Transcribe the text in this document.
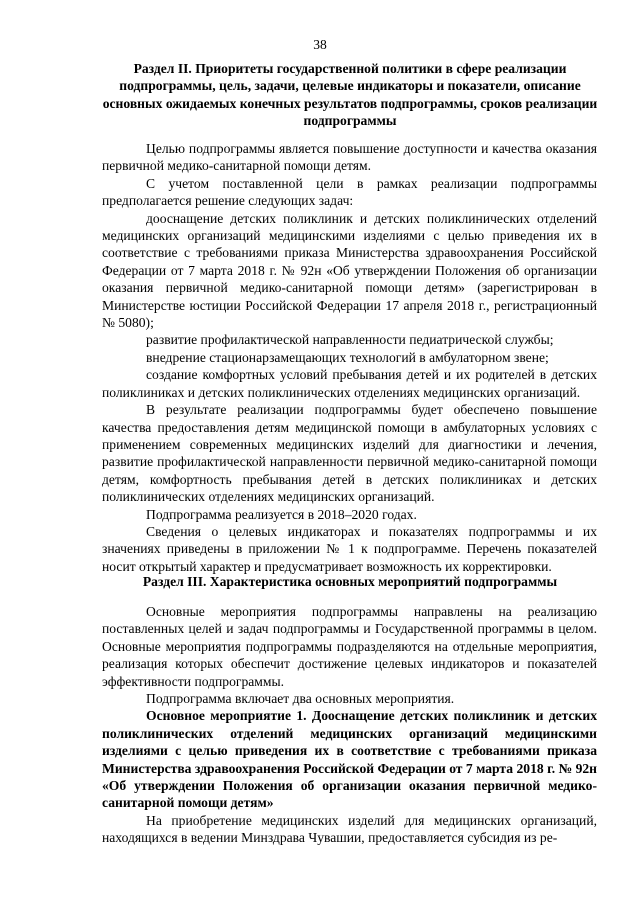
38
Раздел II. Приоритеты государственной политики в сфере реализации подпрограммы, цель, задачи, целевые индикаторы и показатели, описание основных ожидаемых конечных результатов подпрограммы, сроков реализации подпрограммы

Целью подпрограммы является повышение доступности и качества оказания первичной медико-санитарной помощи детям.

С учетом поставленной цели в рамках реализации подпрограммы предполагается решение следующих задач:

дооснащение детских поликлиник и детских поликлинических отделений медицинских организаций медицинскими изделиями с целью приведения их в соответствие с требованиями приказа Министерства здравоохранения Российской Федерации от 7 марта 2018 г. № 92н «Об утверждении Положения об организации оказания первичной медико-санитарной помощи детям» (зарегистрирован в Министерстве юстиции Российской Федерации 17 апреля 2018 г., регистрационный № 5080);

развитие профилактической направленности педиатрической службы;

внедрение стационарзамещающих технологий в амбулаторном звене;

создание комфортных условий пребывания детей и их родителей в детских поликлиниках и детских поликлинических отделениях медицинских организаций.

В результате реализации подпрограммы будет обеспечено повышение качества предоставления детям медицинской помощи в амбулаторных условиях с применением современных медицинских изделий для диагностики и лечения, развитие профилактической направленности первичной медико-санитарной помощи детям, комфортность пребывания детей в детских поликлиниках и детских поликлинических отделениях медицинских организаций.

Подпрограмма реализуется в 2018–2020 годах.

Сведения о целевых индикаторах и показателях подпрограммы и их значениях приведены в приложении № 1 к подпрограмме. Перечень показателей носит открытый характер и предусматривает возможность их корректировки.

Раздел III. Характеристика основных мероприятий подпрограммы

Основные мероприятия подпрограммы направлены на реализацию поставленных целей и задач подпрограммы и Государственной программы в целом. Основные мероприятия подпрограммы подразделяются на отдельные мероприятия, реализация которых обеспечит достижение целевых индикаторов и показателей эффективности подпрограммы.

Подпрограмма включает два основных мероприятия.

Основное мероприятие 1. Дооснащение детских поликлиник и детских поликлинических отделений медицинских организаций медицинскими изделиями с целью приведения их в соответствие с требованиями приказа Министерства здравоохранения Российской Федерации от 7 марта 2018 г. № 92н «Об утверждении Положения об организации оказания первичной медико-санитарной помощи детям»

На приобретение медицинских изделий для медицинских организаций, находящихся в ведении Минздрава Чувашии, предоставляется субсидия из ре-
